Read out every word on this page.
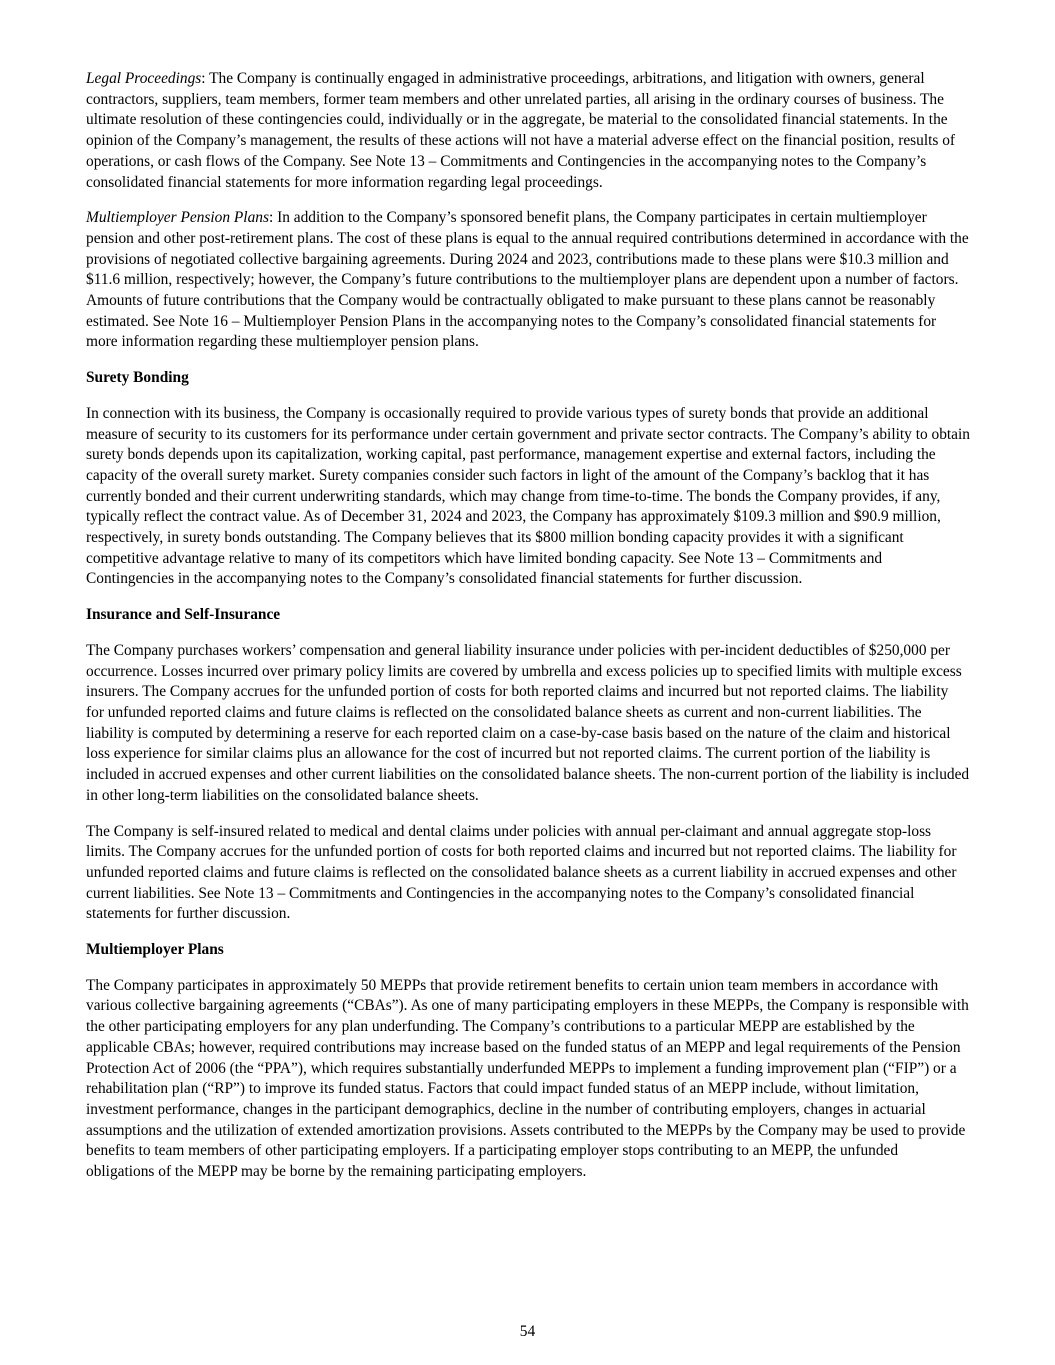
Legal Proceedings: The Company is continually engaged in administrative proceedings, arbitrations, and litigation with owners, general contractors, suppliers, team members, former team members and other unrelated parties, all arising in the ordinary courses of business. The ultimate resolution of these contingencies could, individually or in the aggregate, be material to the consolidated financial statements. In the opinion of the Company’s management, the results of these actions will not have a material adverse effect on the financial position, results of operations, or cash flows of the Company. See Note 13 – Commitments and Contingencies in the accompanying notes to the Company’s consolidated financial statements for more information regarding legal proceedings.

Multiemployer Pension Plans: In addition to the Company’s sponsored benefit plans, the Company participates in certain multiemployer pension and other post-retirement plans. The cost of these plans is equal to the annual required contributions determined in accordance with the provisions of negotiated collective bargaining agreements. During 2024 and 2023, contributions made to these plans were $10.3 million and $11.6 million, respectively; however, the Company’s future contributions to the multiemployer plans are dependent upon a number of factors. Amounts of future contributions that the Company would be contractually obligated to make pursuant to these plans cannot be reasonably estimated. See Note 16 – Multiemployer Pension Plans in the accompanying notes to the Company’s consolidated financial statements for more information regarding these multiemployer pension plans.

Surety Bonding

In connection with its business, the Company is occasionally required to provide various types of surety bonds that provide an additional measure of security to its customers for its performance under certain government and private sector contracts. The Company’s ability to obtain surety bonds depends upon its capitalization, working capital, past performance, management expertise and external factors, including the capacity of the overall surety market. Surety companies consider such factors in light of the amount of the Company’s backlog that it has currently bonded and their current underwriting standards, which may change from time-to-time. The bonds the Company provides, if any, typically reflect the contract value. As of December 31, 2024 and 2023, the Company has approximately $109.3 million and $90.9 million, respectively, in surety bonds outstanding. The Company believes that its $800 million bonding capacity provides it with a significant competitive advantage relative to many of its competitors which have limited bonding capacity. See Note 13 – Commitments and Contingencies in the accompanying notes to the Company’s consolidated financial statements for further discussion.

Insurance and Self-Insurance

The Company purchases workers’ compensation and general liability insurance under policies with per-incident deductibles of $250,000 per occurrence. Losses incurred over primary policy limits are covered by umbrella and excess policies up to specified limits with multiple excess insurers. The Company accrues for the unfunded portion of costs for both reported claims and incurred but not reported claims. The liability for unfunded reported claims and future claims is reflected on the consolidated balance sheets as current and non-current liabilities. The liability is computed by determining a reserve for each reported claim on a case-by-case basis based on the nature of the claim and historical loss experience for similar claims plus an allowance for the cost of incurred but not reported claims. The current portion of the liability is included in accrued expenses and other current liabilities on the consolidated balance sheets. The non-current portion of the liability is included in other long-term liabilities on the consolidated balance sheets.

The Company is self-insured related to medical and dental claims under policies with annual per-claimant and annual aggregate stop-loss limits. The Company accrues for the unfunded portion of costs for both reported claims and incurred but not reported claims. The liability for unfunded reported claims and future claims is reflected on the consolidated balance sheets as a current liability in accrued expenses and other current liabilities. See Note 13 – Commitments and Contingencies in the accompanying notes to the Company’s consolidated financial statements for further discussion.

Multiemployer Plans

The Company participates in approximately 50 MEPPs that provide retirement benefits to certain union team members in accordance with various collective bargaining agreements (“CBAs”). As one of many participating employers in these MEPPs, the Company is responsible with the other participating employers for any plan underfunding. The Company’s contributions to a particular MEPP are established by the applicable CBAs; however, required contributions may increase based on the funded status of an MEPP and legal requirements of the Pension Protection Act of 2006 (the “PPA”), which requires substantially underfunded MEPPs to implement a funding improvement plan (“FIP”) or a rehabilitation plan (“RP”) to improve its funded status. Factors that could impact funded status of an MEPP include, without limitation, investment performance, changes in the participant demographics, decline in the number of contributing employers, changes in actuarial assumptions and the utilization of extended amortization provisions. Assets contributed to the MEPPs by the Company may be used to provide benefits to team members of other participating employers. If a participating employer stops contributing to an MEPP, the unfunded obligations of the MEPP may be borne by the remaining participating employers.

54
